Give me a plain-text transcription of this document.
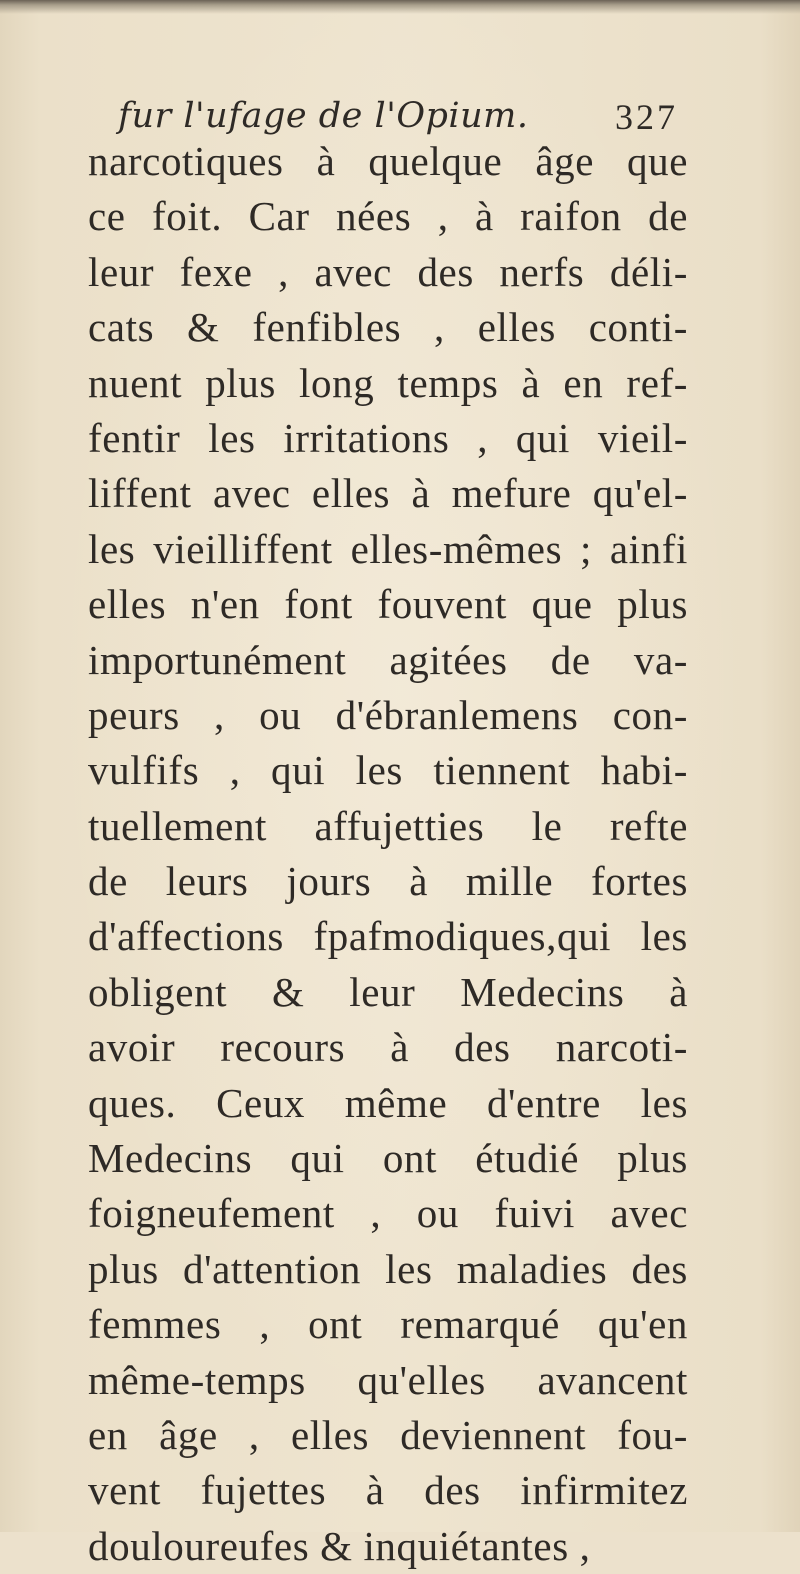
fur l'ufage de l'Opium. 327
narcotiques à quelque âge que
ce foit. Car nées , à raifon de
leur fexe , avec des nerfs déli-
cats & fenfibles , elles conti-
nuent plus long temps à en ref-
fentir les irritations , qui vieil-
liffent avec elles à mefure qu'el-
les vieilliffent elles-mêmes ; ainfi
elles n'en font fouvent que plus
importunément agitées de va-
peurs , ou d'ébranlemens con-
vulfifs , qui les tiennent habi-
tuellement affujetties le refte
de leurs jours à mille fortes
d'affections fpafmodiques,qui les
obligent & leur Medecins à
avoir recours à des narcoti-
ques. Ceux même d'entre les
Medecins qui ont étudié plus
foigneufement , ou fuivi avec
plus d'attention les maladies des
femmes , ont remarqué qu'en
même-temps qu'elles avancent
en âge , elles deviennent fou-
vent fujettes à des infirmitez
douloureufes & inquiétantes ,
